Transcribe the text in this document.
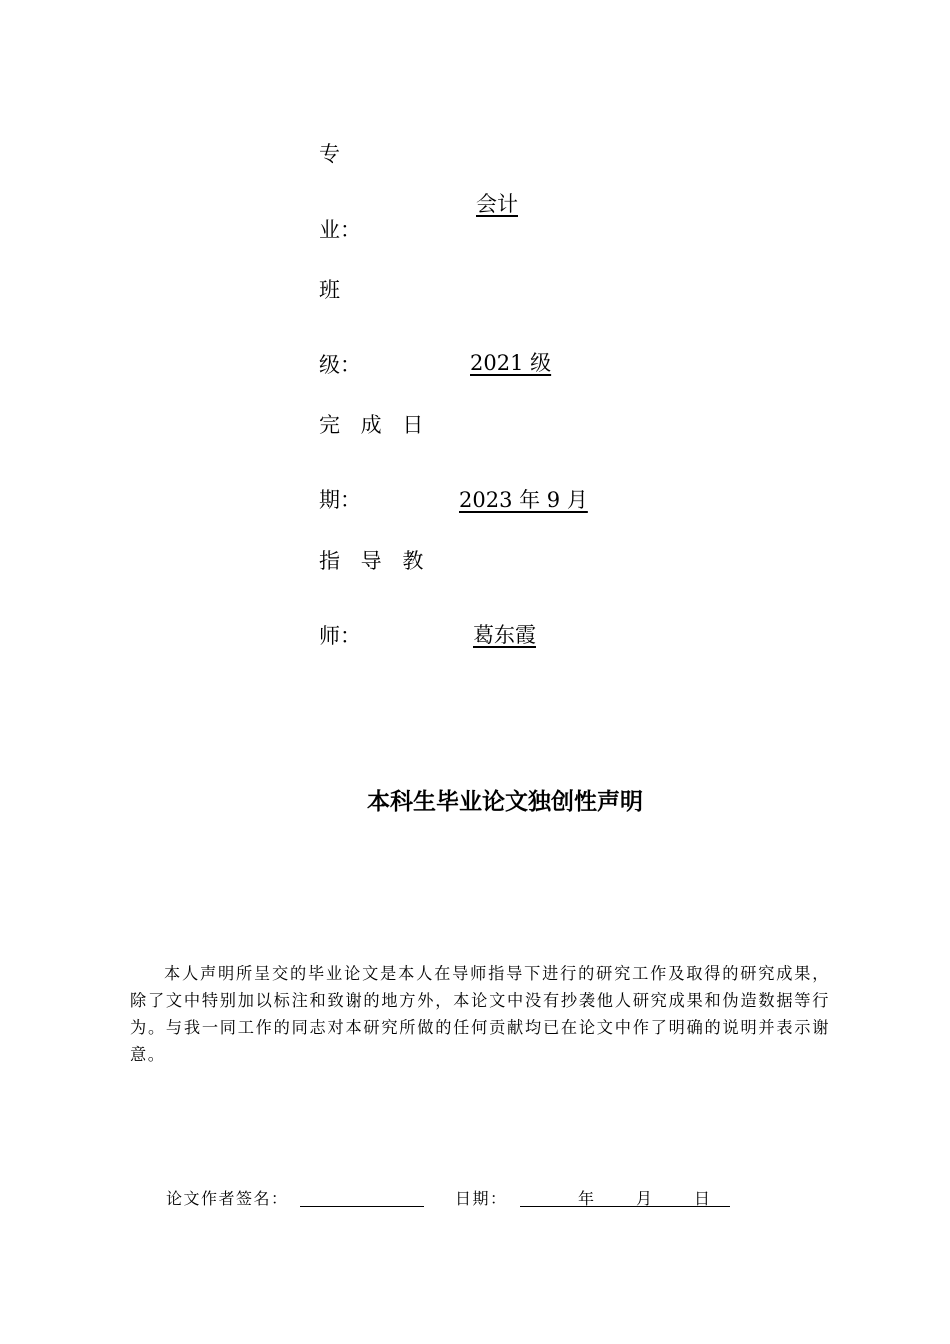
专
业：
会计
班
级：	2021 级
完 成 日
期：	2023 年 9 月
指 导 教
师：	葛东霞
本科生毕业论文独创性声明
本人声明所呈交的毕业论文是本人在导师指导下进行的研究工作及取得的研究成果，除了文中特别加以标注和致谢的地方外，本论文中没有抄袭他人研究成果和伪造数据等行为。与我一同工作的同志对本研究所做的任何贡献均已在论文中作了明确的说明并表示谢意。
论文作者签名：	日期：	年	月	日
